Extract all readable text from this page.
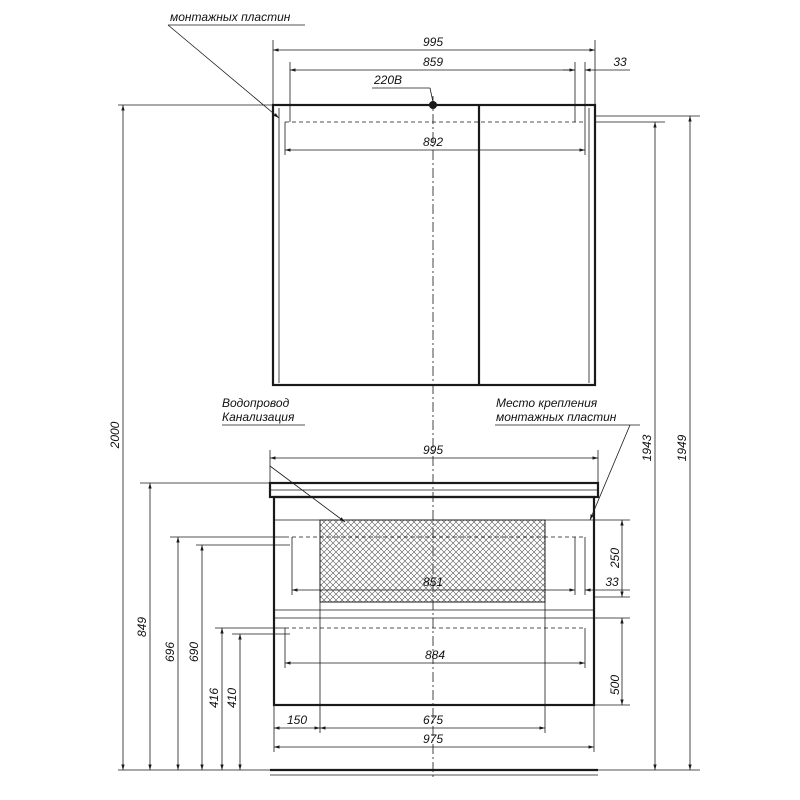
монтажных пластин
995
859	33
220В
892
Водопровод
Канализация
Место крепления
монтажных пластин
995
851	33
884
150	675
975
250
500
2000
849
696 690
416 410
1943 1949
